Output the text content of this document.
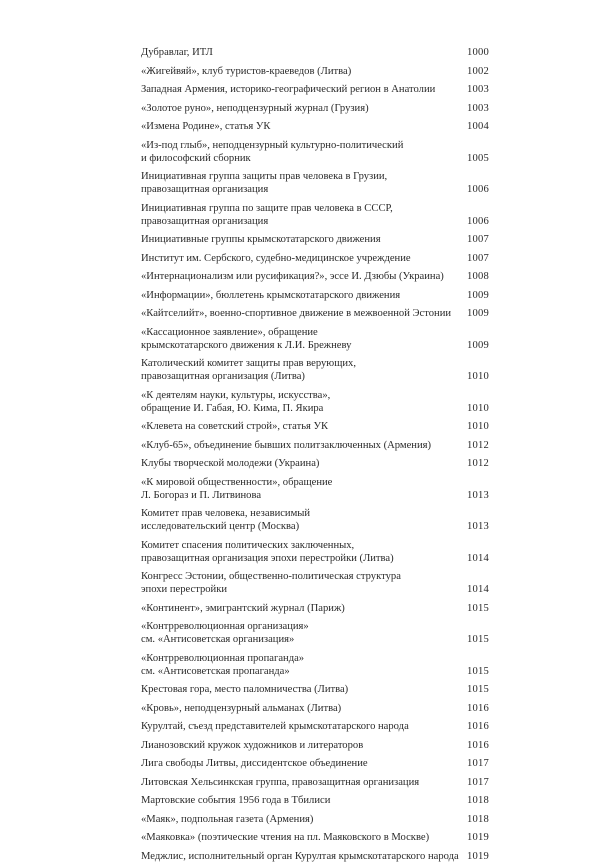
Дубравлаг, ИТЛ	1000
«Жигейвяй», клуб туристов-краеведов (Литва)	1002
Западная Армения, историко-географический регион в Анатолии	1003
«Золотое руно», неподцензурный журнал (Грузия)	1003
«Измена Родине», статья УК	1004
«Из-под глыб», неподцензурный культурно-политический
и философский сборник	1005
Инициативная группа защиты прав человека в Грузии,
правозащитная организация	1006
Инициативная группа по защите прав человека в СССР,
правозащитная организация	1006
Инициативные группы крымскотатарского движения	1007
Институт им. Сербского, судебно-медицинское учреждение	1007
«Интернационализм или русификация?», эссе И. Дзюбы (Украина)	1008
«Информации», бюллетень крымскотатарского движения	1009
«Кайтселийт», военно-спортивное движение в межвоенной Эстонии	1009
«Кассационное заявление», обращение
крымскотатарского движения к Л.И. Брежневу	1009
Католический комитет защиты прав верующих,
правозащитная организация (Литва)	1010
«К деятелям науки, культуры, искусства»,
обращение И. Габая, Ю. Кима, П. Якира	1010
«Клевета на советский строй», статья УК	1010
«Клуб-65», объединение бывших политзаключенных (Армения)	1012
Клубы творческой молодежи (Украина)	1012
«К мировой общественности», обращение
Л. Богораз и П. Литвинова	1013
Комитет прав человека, независимый
исследовательский центр (Москва)	1013
Комитет спасения политических заключенных,
правозащитная организация эпохи перестройки (Литва)	1014
Конгресс Эстонии, общественно-политическая структура
эпохи перестройки	1014
«Континент», эмигрантский журнал (Париж)	1015
«Контрреволюционная организация»
см. «Антисоветская организация»	1015
«Контрреволюционная пропаганда»
см. «Антисоветская пропаганда»	1015
Крестовая гора, место паломничества (Литва)	1015
«Кровь», неподцензурный альманах (Литва)	1016
Курултай, съезд представителей крымскотатарского народа	1016
Лианозовский кружок художников и литераторов	1016
Лига свободы Литвы, диссидентское объединение	1017
Литовская Хельсинкская группа, правозащитная организация	1017
Мартовские события 1956 года в Тбилиси	1018
«Маяк», подпольная газета (Армения)	1018
«Маяковка» (поэтические чтения на пл. Маяковского в Москве)	1019
Меджлис, исполнительный орган Курултая крымскотатарского народа 1019
